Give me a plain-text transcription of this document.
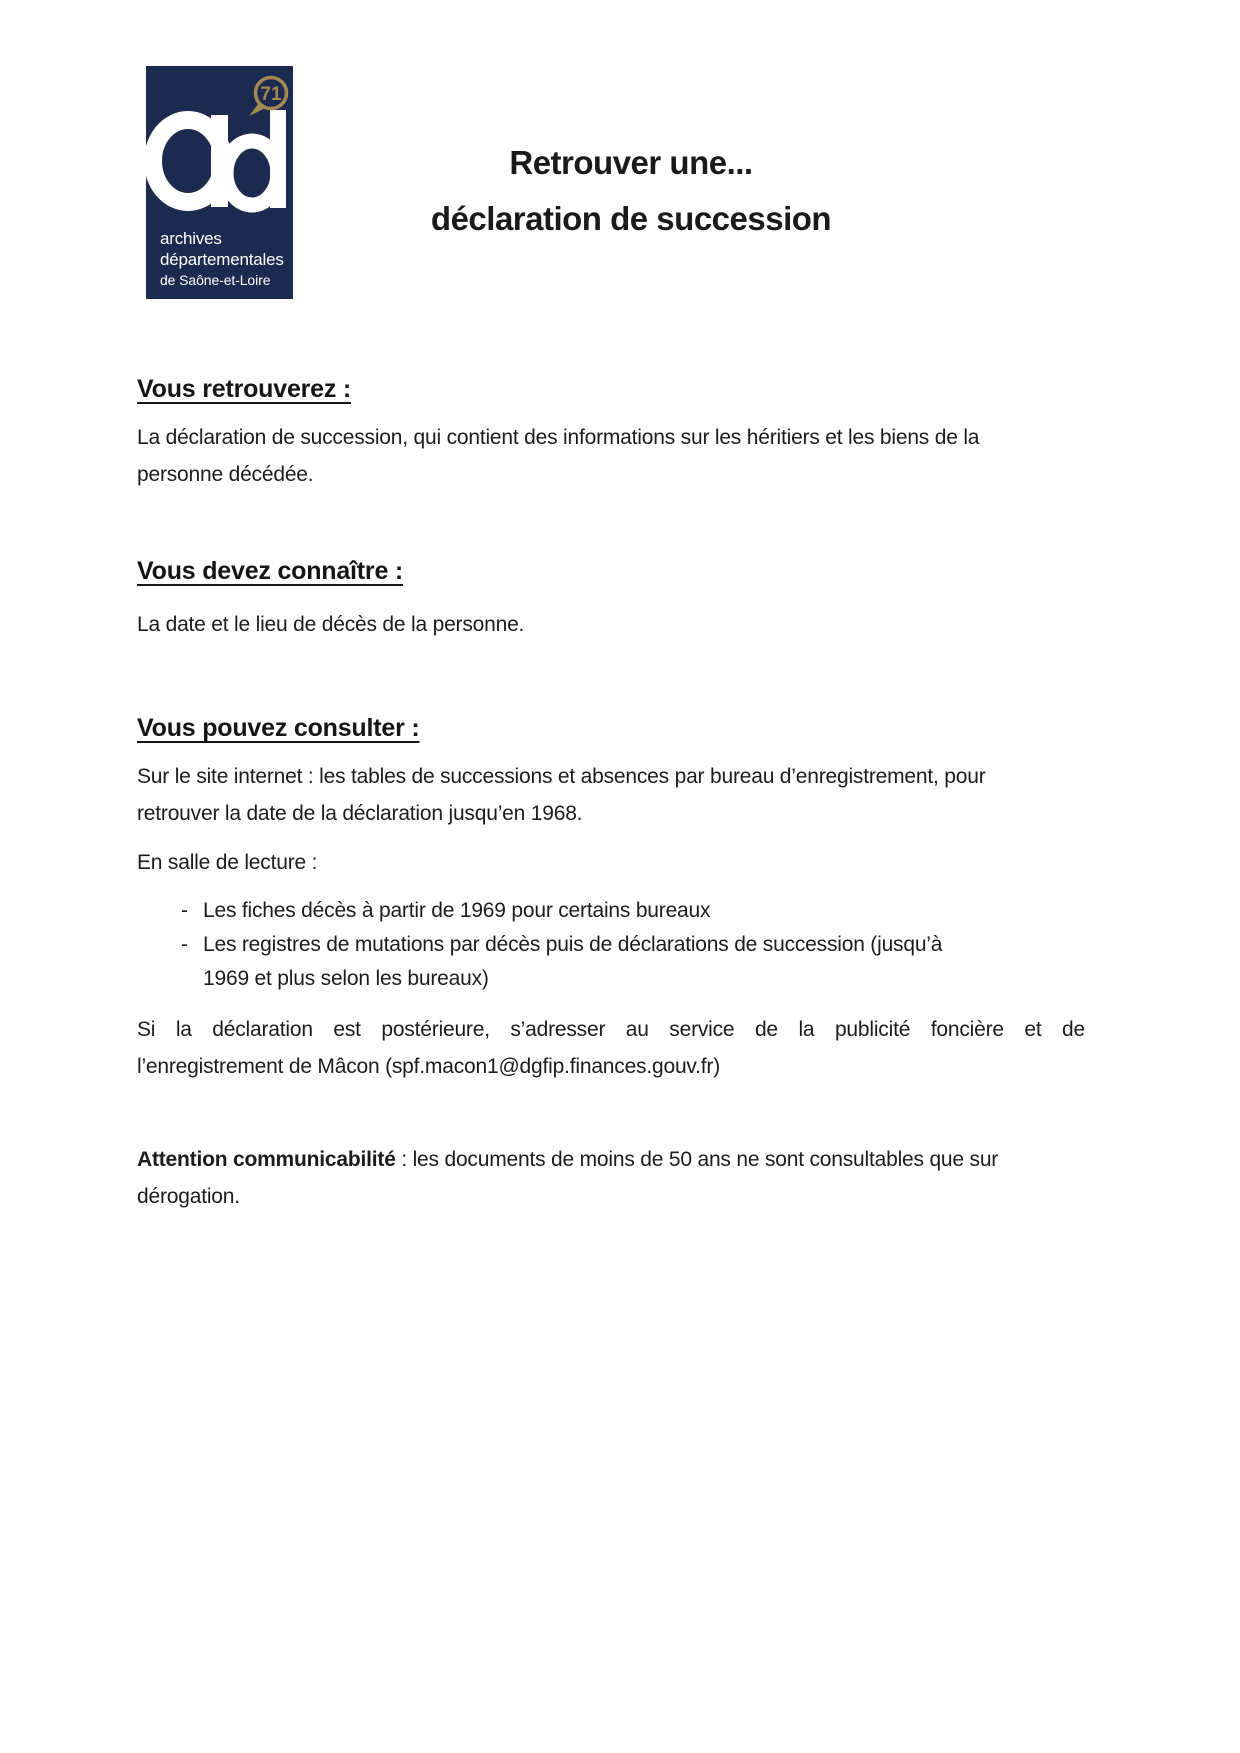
71
archives
départementales
de Saône-et-Loire
Retrouver une...
déclaration de succession
Vous retrouverez :
La déclaration de succession, qui contient des informations sur les héritiers et les biens de la
personne décédée.
Vous devez connaître :
La date et le lieu de décès de la personne.
Vous pouvez consulter :
Sur le site internet : les tables de successions et absences par bureau d’enregistrement, pour
retrouver la date de la déclaration jusqu’en 1968.
En salle de lecture :
- Les fiches décès à partir de 1969 pour certains bureaux
- Les registres de mutations par décès puis de déclarations de succession (jusqu’à
1969 et plus selon les bureaux)
Si la déclaration est postérieure, s’adresser au service de la publicité foncière et de
l’enregistrement de Mâcon (spf.macon1@dgfip.finances.gouv.fr)
Attention communicabilité : les documents de moins de 50 ans ne sont consultables que sur
dérogation.
